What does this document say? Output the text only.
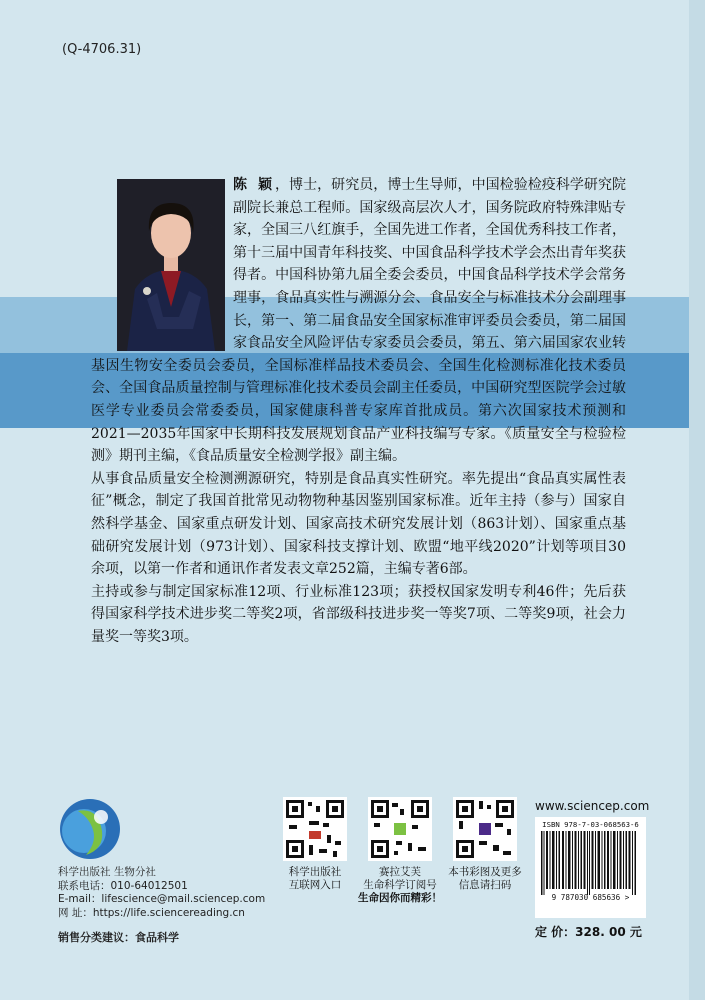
(Q-4706.31)
陈 颖，博士，研究员，博士生导师，中国检验检疫科学研究院副院长兼总工程师。国家级高层次人才，国务院政府特殊津贴专家，全国三八红旗手，全国先进工作者，全国优秀科技工作者，第十三届中国青年科技奖、中国食品科学技术学会杰出青年奖获得者。中国科协第九届全委会委员，中国食品科学技术学会常务理事，食品真实性与溯源分会、食品安全与标准技术分会副理事长，第一、第二届食品安全国家标准审评委员会委员，第二届国家食品安全风险评估专家委员会委员，第五、第六届国家农业转基因生物安全委员会委员，全国标准样品技术委员会、全国生化检测标准化技术委员会、全国食品质量控制与管理标准化技术委员会副主任委员，中国研究型医院学会过敏医学专业委员会常委委员，国家健康科普专家库首批成员。第六次国家技术预测和2021—2035年国家中长期科技发展规划食品产业科技编写专家。《质量安全与检验检测》期刊主编，《食品质量安全检测学报》副主编。
从事食品质量安全检测溯源研究，特别是食品真实性研究。率先提出“食品真实属性表征”概念，制定了我国首批常见动物物种基因鉴别国家标准。近年主持（参与）国家自然科学基金、国家重点研发计划、国家高技术研究发展计划（863计划）、国家重点基础研究发展计划（973计划）、国家科技支撑计划、欧盟“地平线2020”计划等项目30余项，以第一作者和通讯作者发表文章252篇，主编专著6部。
主持或参与制定国家标准12项、行业标准123项；获授权国家发明专利46件；先后获得国家科学技术进步奖二等奖2项，省部级科技进步奖一等奖7项、二等奖9项，社会力量奖一等奖3项。
科学出版社 生物分社
联系电话：010-64012501
E-mail：lifescience@mail.sciencep.com
网 址：https://life.sciencereading.cn
销售分类建议：食品科学
科学出版社
互联网入口
赛拉艾芙
生命科学订阅号
生命因你而精彩！
本书彩图及更多
信息请扫码
www.sciencep.com
ISBN 978-7-03-068563-6
9 787030 685636 >
定 价：328. 00 元
